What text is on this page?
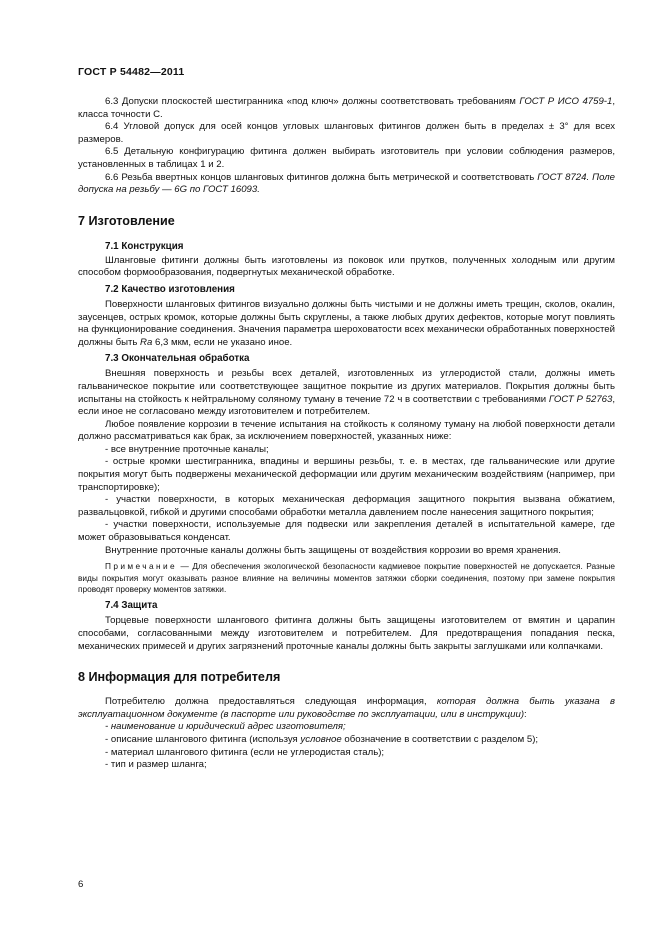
ГОСТ Р 54482—2011

6.3 Допуски плоскостей шестигранника «под ключ» должны соответствовать требованиям ГОСТ Р ИСО 4759-1, класса точности С.

6.4 Угловой допуск для осей концов угловых шланговых фитингов должен быть в пределах ± 3° для всех размеров.

6.5 Детальную конфигурацию фитинга должен выбирать изготовитель при условии соблюдения размеров, установленных в таблицах 1 и 2.

6.6 Резьба ввертных концов шланговых фитингов должна быть метрической и соответствовать ГОСТ 8724. Поле допуска на резьбу — 6G по ГОСТ 16093.

7 Изготовление
7.1 Конструкция

Шланговые фитинги должны быть изготовлены из поковок или прутков, полученных холодным или другим способом формообразования, подвергнутых механической обработке.

7.2 Качество изготовления

Поверхности шланговых фитингов визуально должны быть чистыми и не должны иметь трещин, сколов, окалин, заусенцев, острых кромок, которые должны быть скруглены, а также любых других дефектов, которые могут повлиять на функционирование соединения. Значения параметра шероховатости всех механически обработанных поверхностей должны быть Ra 6,3 мкм, если не указано иное.

7.3 Окончательная обработка

Внешняя поверхность и резьбы всех деталей, изготовленных из углеродистой стали, должны иметь гальваническое покрытие или соответствующее защитное покрытие из других материалов. Покрытия должны быть испытаны на стойкость к нейтральному соляному туману в течение 72 ч в соответствии с требованиями ГОСТ Р 52763, если иное не согласовано между изготовителем и потребителем.

Любое появление коррозии в течение испытания на стойкость к соляному туману на любой поверхности детали должно рассматриваться как брак, за исключением поверхностей, указанных ниже:

- все внутренние проточные каналы;

- острые кромки шестигранника, впадины и вершины резьбы, т. е. в местах, где гальванические или другие покрытия могут быть подвержены механической деформации или другим механическим воздействиям (например, при транспортировке);

- участки поверхности, в которых механическая деформация защитного покрытия вызвана обжатием, развальцовкой, гибкой и другими способами обработки металла давлением после нанесения защитного покрытия;

- участки поверхности, используемые для подвески или закрепления деталей в испытательной камере, где может образовываться конденсат.

Внутренние проточные каналы должны быть защищены от воздействия коррозии во время хранения.

Примечание — Для обеспечения экологической безопасности кадмиевое покрытие поверхностей не допускается. Разные виды покрытия могут оказывать разное влияние на величины моментов затяжки сборки соединения, поэтому при замене покрытия проводят проверку моментов затяжки.

7.4 Защита

Торцевые поверхности шлангового фитинга должны быть защищены изготовителем от вмятин и царапин способами, согласованными между изготовителем и потребителем. Для предотвращения попадания песка, механических примесей и других загрязнений проточные каналы должны быть закрыты заглушками или колпачками.

8 Информация для потребителя

Потребителю должна предоставляться следующая информация, которая должна быть указана в эксплуатационном документе (в паспорте или руководстве по эксплуатации, или в инструкции):

- наименование и юридический адрес изготовителя;

- описание шлангового фитинга (используя условное обозначение в соответствии с разделом 5);

- материал шлангового фитинга (если не углеродистая сталь);

- тип и размер шланга;

6
